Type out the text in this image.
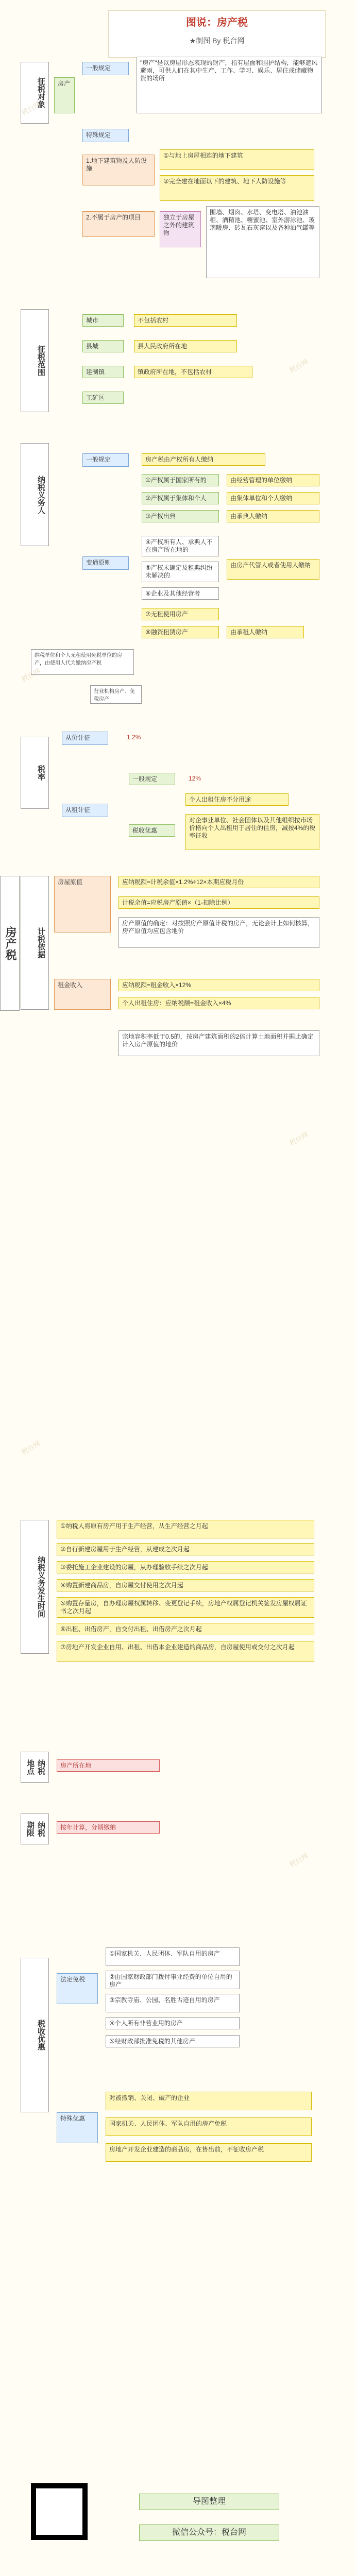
图说：房产税
★制图 By 税台网
房产税
征税对象	房产
一般规定
"房产"是以房屋形态表现的财产，指有屋面和围护结构，能够遮风避雨，可供人们在其中生产、工作、学习、娱乐、居住或储藏物资的场所
特殊规定
1.地下建筑物及人防设施
①与地上房屋相连的地下建筑
②完全建在地面以下的建筑、地下人防设施等
2.不属于房产的项目	独立于房屋之外的建筑物
围墙、烟囱、水塔、变电塔、油池油柜、酒精池、糖蜜池、室外游泳池、玻璃暖房、砖瓦石灰窑以及各种油气罐等
征税范围
城市	不包括农村
县城	县人民政府所在地
建制镇	镇政府所在地，不包括农村
工矿区
纳税义务人
一般规定	房产税由产权所有人缴纳
①产权属于国家所有的	由经营管理的单位缴纳
②产权属于集体和个人	由集体单位和个人缴纳
③产权出典	由承典人缴纳
变通原则
④产权所有人、承典人不在房产所在地的
⑤产权未确定及租典纠纷未解决的
⑥企业及其他经营者
由房产代管人或者使用人缴纳
⑦无租使用房产
⑧融资租赁房产	由承租人缴纳
纳税单位和个人无租使用免税单位的房产，由使用人代为缴纳房产税
营业机构房产、免税房产
税率
从价计征	1.2%
从租计征
一般规定	12%
个人出租住房不分用途
税收优惠
对企事业单位、社会团体以及其他组织按市场价格向个人出租用于居住的住房，减按4%的税率征收
计税依据
房屋原值	应纳税额=计税余值×1.2%÷12×本期应税月份
计税余值=应税房产原值×（1-扣除比例）
房产原值的确定：对按照房产原值计税的房产，无论会计上如何核算，房产原值均应包含地价
租金收入	应纳税额=租金收入×12%
个人出租住房：应纳税额=租金收入×4%
宗地容积率低于0.5的，按房产建筑面积的2倍计算土地面积并据此确定计入房产原值的地价
纳税义务发生时间
①纳税人将原有房产用于生产经营，从生产经营之月起
②自行新建房屋用于生产经营，从建成之次月起
③委托施工企业建设的房屋，从办理验收手续之次月起
④购置新建商品房，自房屋交付使用之次月起
⑤购置存量房，自办理房屋权属转移、变更登记手续，房地产权属登记机关签发房屋权属证书之次月起
⑥出租、出借房产，自交付出租、出借房产之次月起
⑦房地产开发企业自用、出租、出借本企业建造的商品房，自房屋使用或交付之次月起
纳税地点	房产所在地
纳税期限	按年计算，分期缴纳
税收优惠
法定免税
①国家机关、人民团体、军队自用的房产
②由国家财政部门拨付事业经费的单位自用的房产
③宗教寺庙、公园、名胜古迹自用的房产
④个人所有非营业用的房产
⑤经财政部批准免税的其他房产
特殊优惠
对被撤销、关闭、破产的企业
国家机关、人民团体、军队自用的房产免税
房地产开发企业建造的商品房，在售出前，不征收房产税
导图整理
微信公众号：税台网
税台网
税台网
税台网
税台网
税台网
税台网
